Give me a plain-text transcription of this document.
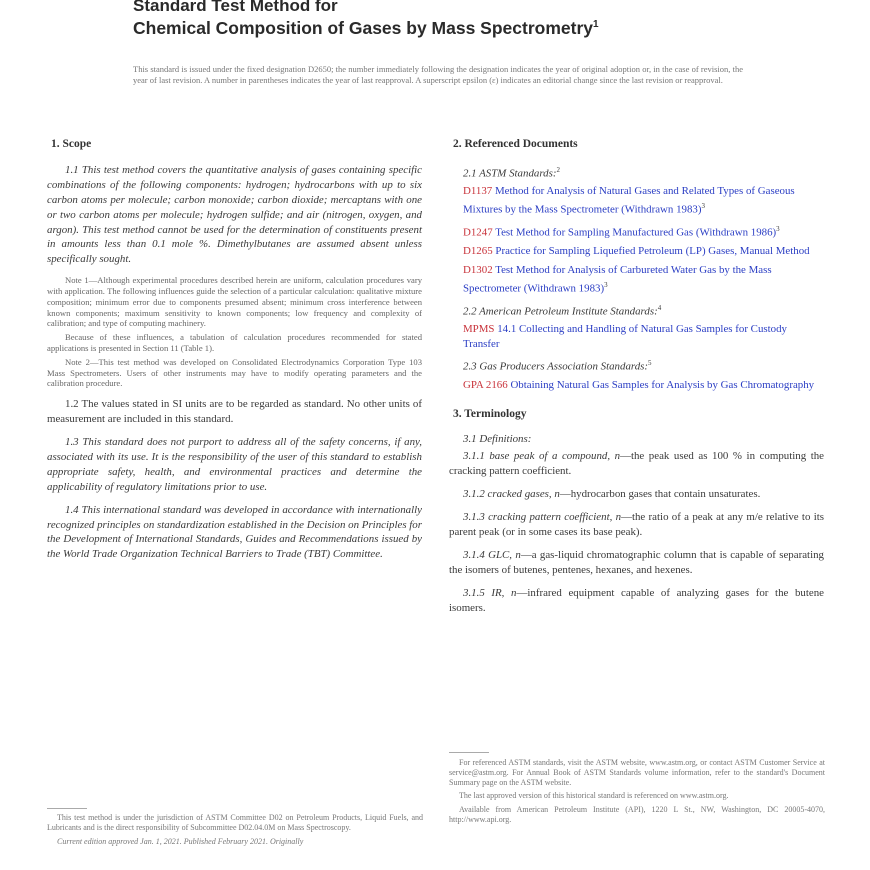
Standard Test Method for
Chemical Composition of Gases by Mass Spectrometry$^1$
This standard is issued under the fixed designation D2650; the number immediately following the designation indicates the year of original adoption or, in the case of revision, the year of last revision. A number in parentheses indicates the year of last reapproval. A superscript epsilon (ε) indicates an editorial change since the last revision or reapproval.
1. Scope

1.1 This test method covers the quantitative analysis of gases containing specific combinations of the following components: hydrogen; hydrocarbons with up to six carbon atoms per molecule; carbon monoxide; carbon dioxide; mercaptans with one or two carbon atoms per molecule; hydrogen sulfide; and air (nitrogen, oxygen, and argon). This test method cannot be used for the determination of constituents present in amounts less than 0.1 mole %. Dimethylbutanes are assumed absent unless specifically sought.

Note 1—Although experimental procedures described herein are uniform, calculation procedures vary with application. The following influences guide the selection of a particular calculation: qualitative mixture composition; minimum error due to components presumed absent; minimum cross interference between known components; maximum sensitivity to known components; low frequency and complexity of calibration; and type of computing machinery.

Because of these influences, a tabulation of calculation procedures recommended for stated applications is presented in Section 11 (Table 1).

Note 2—This test method was developed on Consolidated Electrodynamics Corporation Type 103 Mass Spectrometers. Users of other instruments may have to modify operating parameters and the calibration procedure.

1.2 The values stated in SI units are to be regarded as standard. No other units of measurement are included in this standard.

1.3 This standard does not purport to address all of the safety concerns, if any, associated with its use. It is the responsibility of the user of this standard to establish appropriate safety, health, and environmental practices and determine the applicability of regulatory limitations prior to use.

1.4 This international standard was developed in accordance with internationally recognized principles on standardization established in the Decision on Principles for the Development of International Standards, Guides and Recommendations issued by the World Trade Organization Technical Barriers to Trade (TBT) Committee.

2. Referenced Documents
2.1 ASTM Standards:$^2$
D1137 Method for Analysis of Natural Gases and Related Types of Gaseous Mixtures by the Mass Spectrometer (Withdrawn 1983)$^3$
D1247 Test Method for Sampling Manufactured Gas (Withdrawn 1986)$^3$
D1265 Practice for Sampling Liquefied Petroleum (LP) Gases, Manual Method
D1302 Test Method for Analysis of Carbureted Water Gas by the Mass Spectrometer (Withdrawn 1983)$^3$
2.2 American Petroleum Institute Standards:$^4$
MPMS 14.1 Collecting and Handling of Natural Gas Samples for Custody Transfer
2.3 Gas Producers Association Standards:$^5$
GPA 2166 Obtaining Natural Gas Samples for Analysis by Gas Chromatography
3. Terminology

3.1 Definitions:

3.1.1 base peak of a compound, n—the peak used as 100 % in computing the cracking pattern coefficient.

3.1.2 cracked gases, n—hydrocarbon gases that contain unsaturates.

3.1.3 cracking pattern coefficient, n—the ratio of a peak at any m/e relative to its parent peak (or in some cases its base peak).

3.1.4 GLC, n—a gas-liquid chromatographic column that is capable of separating the isomers of butenes, pentenes, hexanes, and hexenes.

3.1.5 IR, n—infrared equipment capable of analyzing gases for the butene isomers.

For referenced ASTM standards, visit the ASTM website, www.astm.org, or contact ASTM Customer Service at service@astm.org. For Annual Book of ASTM Standards volume information, refer to the standard's Document Summary page on the ASTM website.

The last approved version of this historical standard is referenced on www.astm.org.

Available from American Petroleum Institute (API), 1220 L St., NW, Washington, DC 20005-4070, http://www.api.org.

This test method is under the jurisdiction of ASTM Committee D02 on Petroleum Products, Liquid Fuels, and Lubricants and is the direct responsibility of Subcommittee D02.04.0M on Mass Spectroscopy.

Current edition approved Jan. 1, 2021. Published February 2021. Originally
